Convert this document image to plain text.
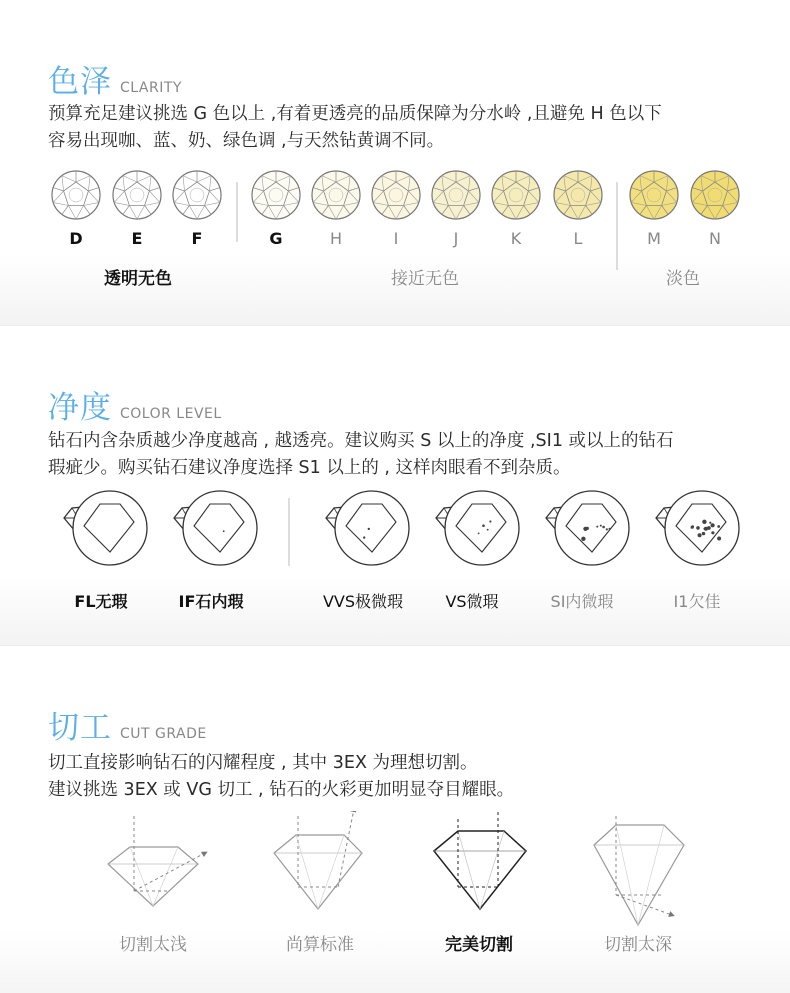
色泽 CLARITY
预算充足建议挑选 G 色以上 ,有着更透亮的品质保障为分水岭 ,且避免 H 色以下
容易出现咖、蓝、奶、绿色调 ,与天然钻黄调不同。
D	E	F	G	H	I	J	K	L	M	N
透明无色	接近无色	淡色
净度 COLOR LEVEL
钻石内含杂质越少净度越高 , 越透亮。建议购买 S 以上的净度 ,SI1 或以上的钻石
瑕疵少。购买钻石建议净度选择 S1 以上的 , 这样肉眼看不到杂质。
FL无瑕	IF石内瑕	VVS极微瑕	VS微瑕	SI内微瑕	I1欠佳
切工 CUT GRADE
切工直接影响钻石的闪耀程度 , 其中 3EX 为理想切割。
建议挑选 3EX 或 VG 切工 , 钻石的火彩更加明显夺目耀眼。
切割太浅	尚算标准	完美切割	切割太深
